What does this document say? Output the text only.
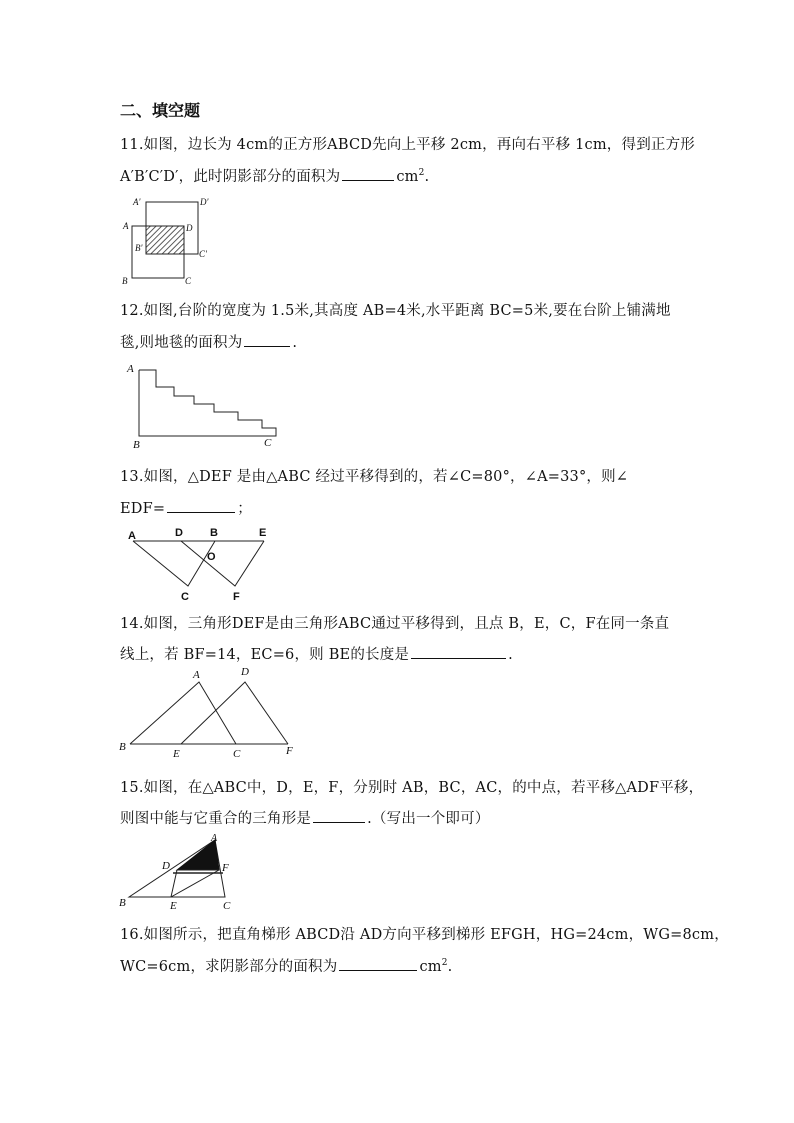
二、填空题
11.如图，边长为 4cm的正方形ABCD先向上平移 2cm，再向右平移 1cm，得到正方形
A′B′C′D′，此时阴影部分的面积为	$cm^2$.
A'	D'
A	D
B'
C'
B	C
12.如图,台阶的宽度为 1.5米,其高度 AB=4米,水平距离 BC=5米,要在台阶上铺满地
毯,则地毯的面积为	.
A
B	C
13.如图，△DEF 是由△ABC 经过平移得到的，若∠C=80°，∠A=33°，则∠
EDF=	；
A	D B	E
O
C	F
14.如图，三角形DEF是由三角形ABC通过平移得到，且点 B，E，C，F在同一条直
线上，若 BF=14，EC=6，则 BE的长度是	.
A	D
B
E	C	F
15.如图，在△ABC中，D，E，F，分别时 AB，BC，AC，的中点，若平移△ADF平移，
则图中能与它重合的三角形是	.（写出一个即可）
A
D	F
B	E	C
16.如图所示，把直角梯形 ABCD沿 AD方向平移到梯形 EFGH，HG=24cm，WG=8cm，
WC=6cm，求阴影部分的面积为	$cm^2$.
